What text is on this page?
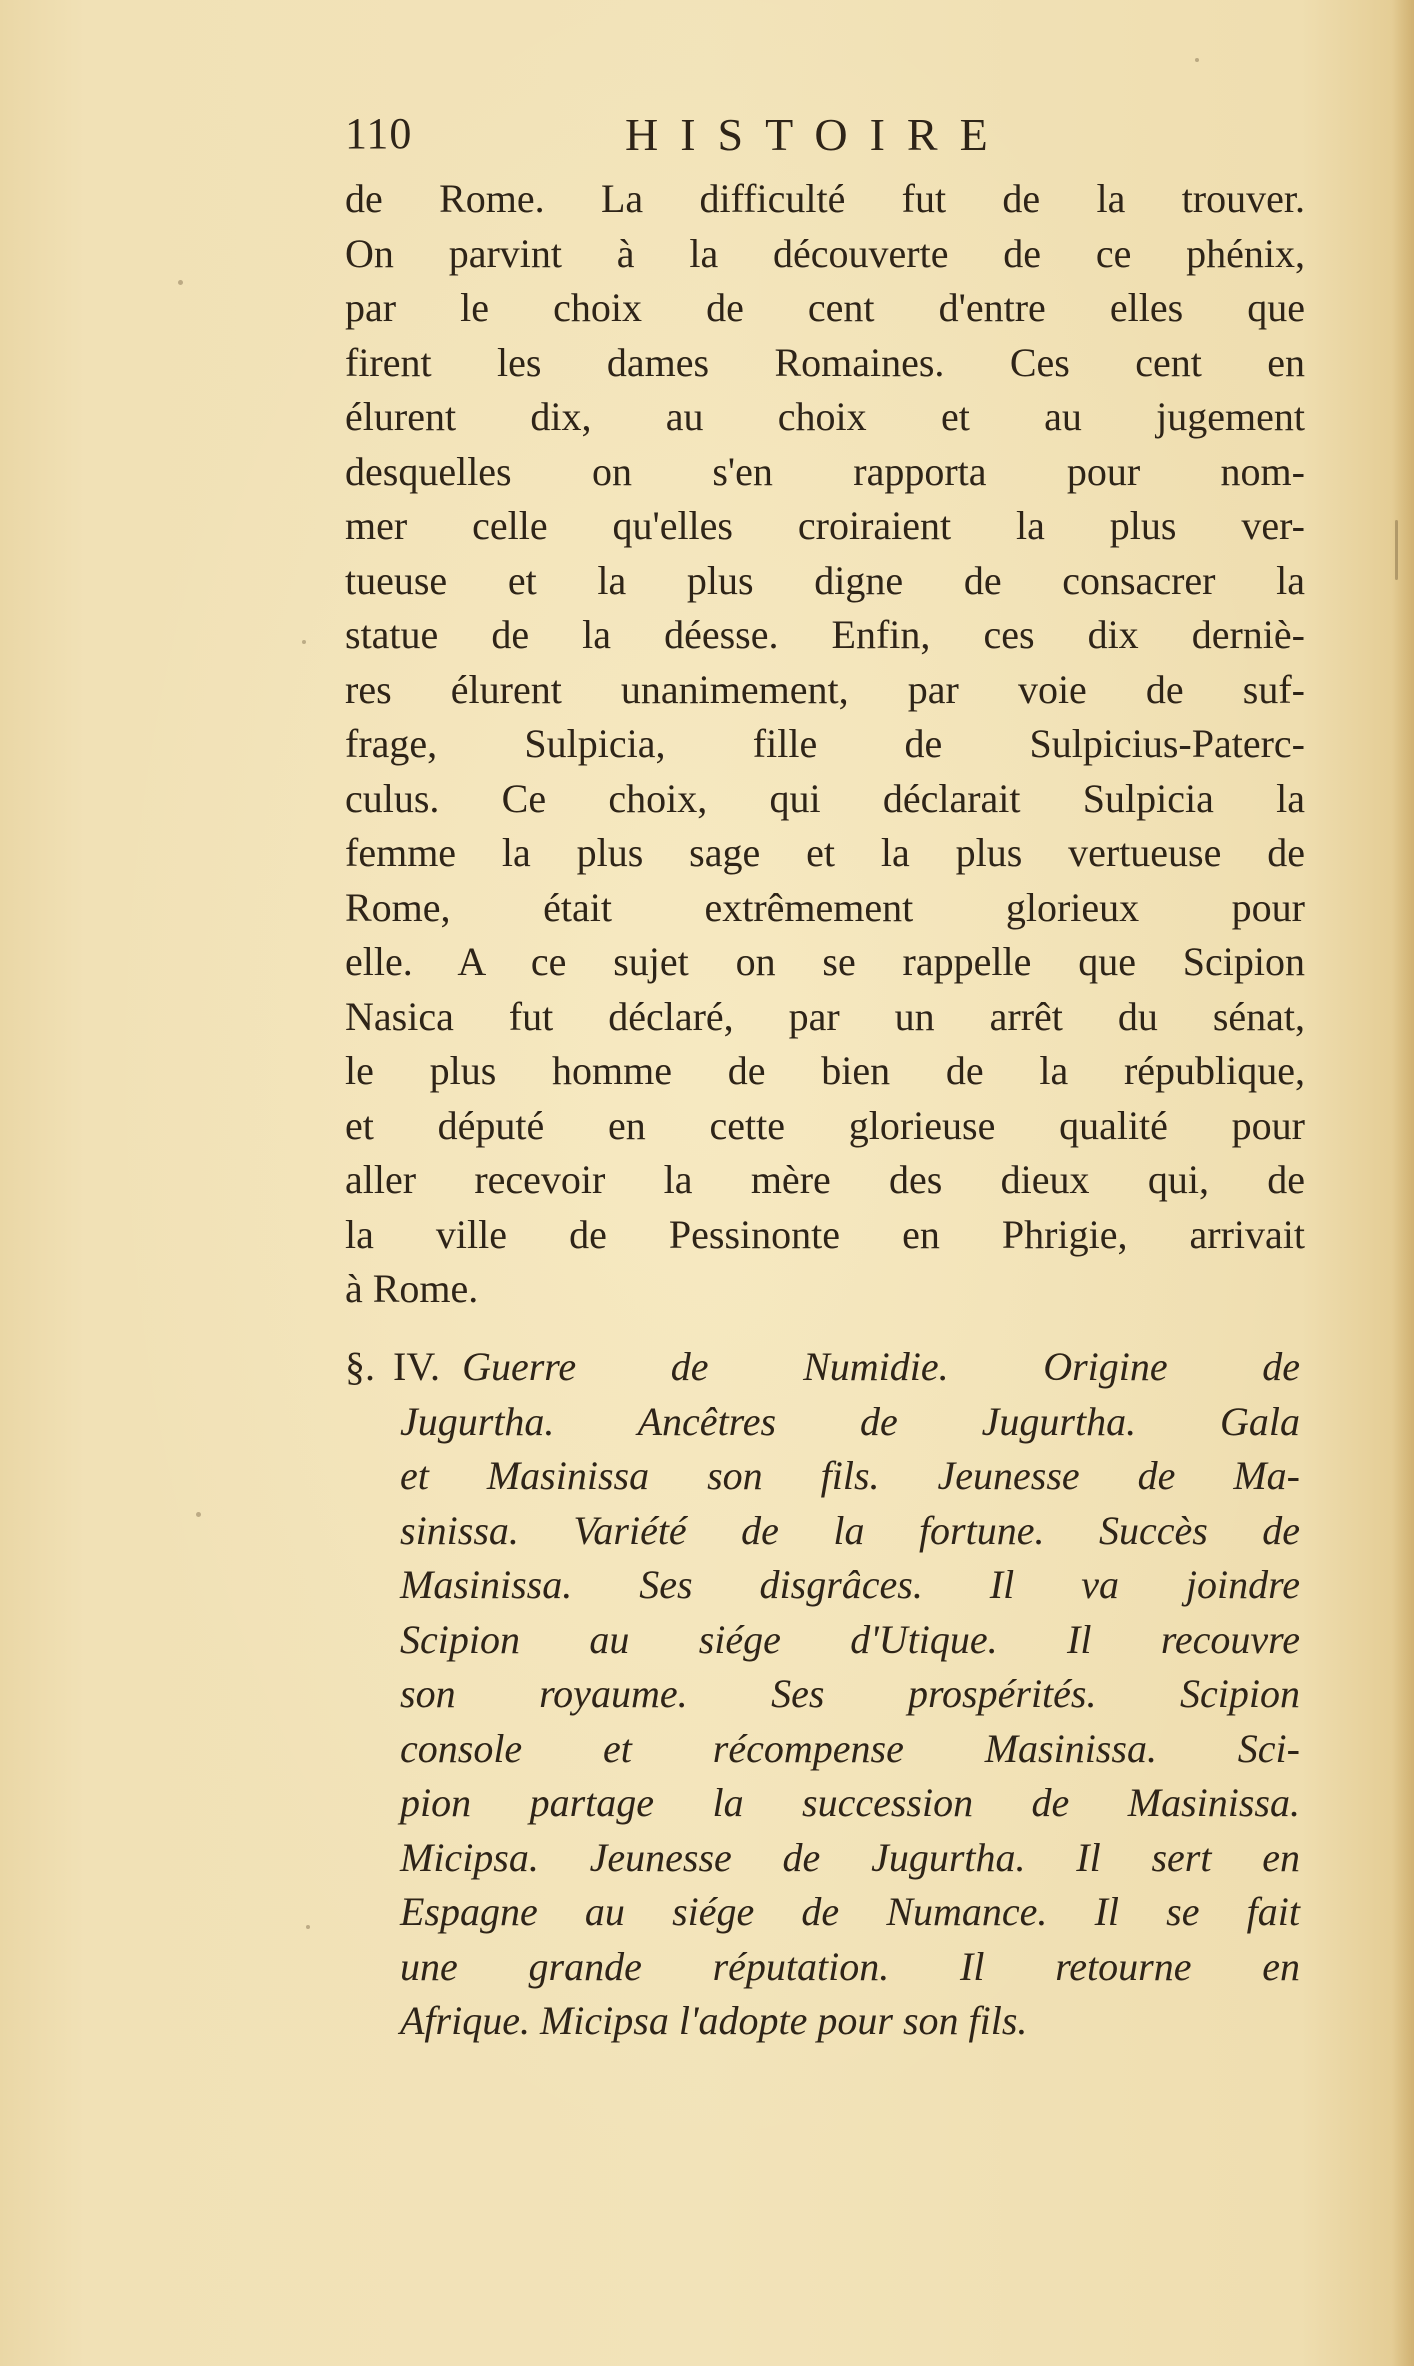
110	HISTOIRE

de Rome. La difficulté fut de la trouver.
On parvint à la découverte de ce phénix,
par le choix de cent d'entre elles que
firent les dames Romaines. Ces cent en
élurent dix, au choix et au jugement
desquelles on s'en rapporta pour nom-
mer celle qu'elles croiraient la plus ver-
tueuse et la plus digne de consacrer la
statue de la déesse. Enfin, ces dix derniè-
res élurent unanimement, par voie de suf-
frage, Sulpicia, fille de Sulpicius-Paterc-
culus. Ce choix, qui déclarait Sulpicia la
femme la plus sage et la plus vertueuse de
Rome, était extrêmement glorieux pour
elle. A ce sujet on se rappelle que Scipion
Nasica fut déclaré, par un arrêt du sénat,
le plus homme de bien de la république,
et député en cette glorieuse qualité pour
aller recevoir la mère des dieux qui, de
la ville de Pessinonte en Phrigie, arrivait
à Rome.

§. IV. Guerre de Numidie. Origine de
Jugurtha. Ancêtres de Jugurtha. Gala
et Masinissa son fils. Jeunesse de Ma-
sinissa. Variété de la fortune. Succès de
Masinissa. Ses disgrâces. Il va joindre
Scipion au siége d'Utique. Il recouvre
son royaume. Ses prospérités. Scipion
console et récompense Masinissa. Sci-
pion partage la succession de Masinissa.
Micipsa. Jeunesse de Jugurtha. Il sert en
Espagne au siége de Numance. Il se fait
une grande réputation. Il retourne en
Afrique. Micipsa l'adopte pour son fils.
